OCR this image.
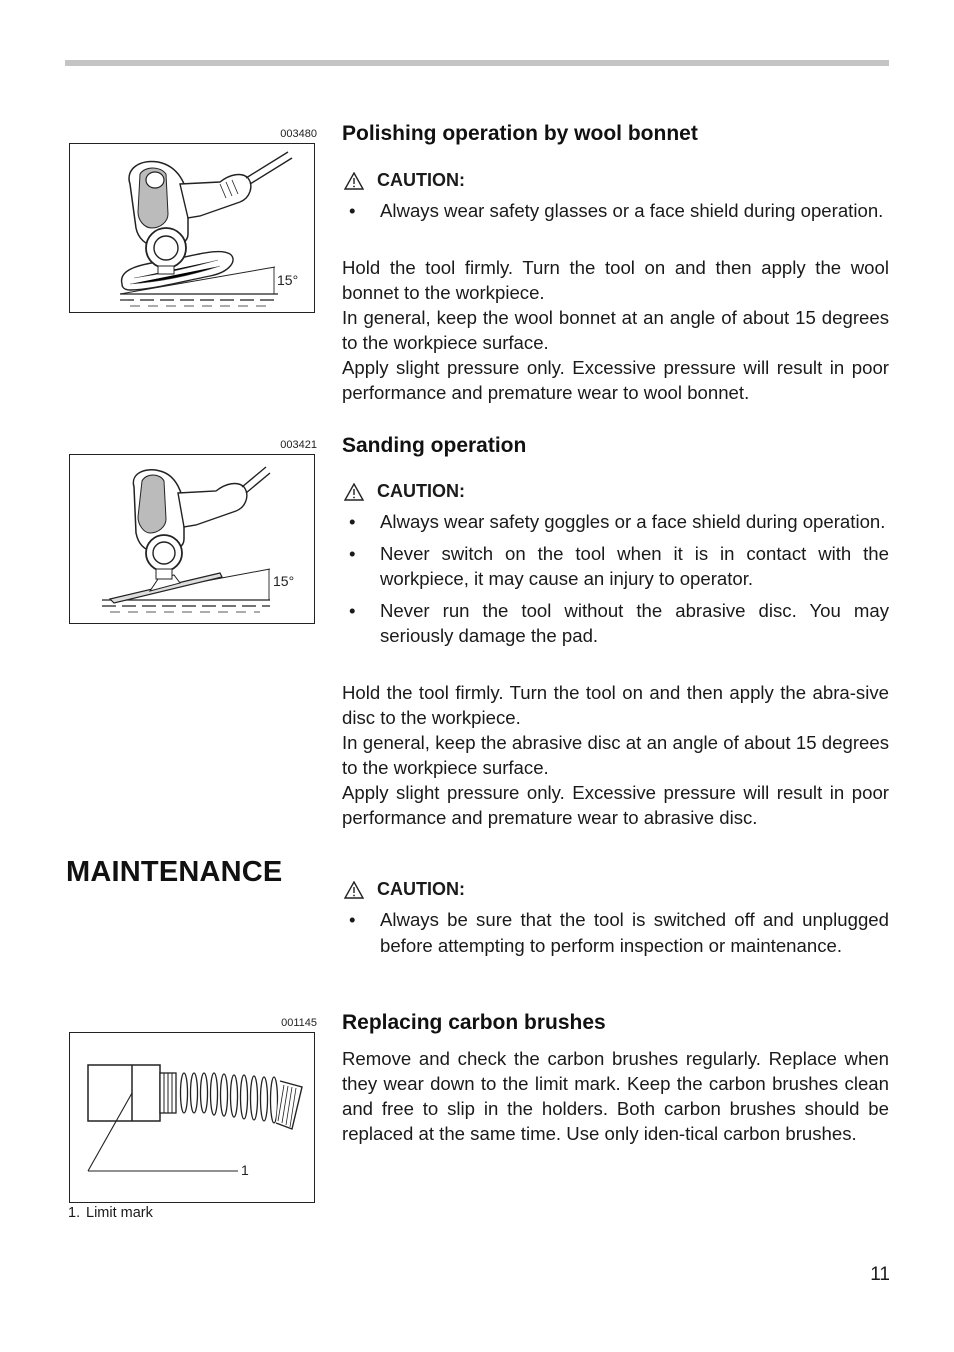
003480
15°
Polishing operation by wool bonnet
CAUTION:
• Always wear safety glasses or a face shield during operation.
Hold the tool firmly. Turn the tool on and then apply the wool bonnet to the workpiece.
In general, keep the wool bonnet at an angle of about 15 degrees to the workpiece surface.
Apply slight pressure only. Excessive pressure will result in poor performance and premature wear to wool bonnet.
003421
15°
Sanding operation
CAUTION:
• Always wear safety goggles or a face shield during operation.
• Never switch on the tool when it is in contact with the workpiece, it may cause an injury to operator.
• Never run the tool without the abrasive disc. You may seriously damage the pad.
Hold the tool firmly. Turn the tool on and then apply the abra-sive disc to the workpiece.
In general, keep the abrasive disc at an angle of about 15 degrees to the workpiece surface.
Apply slight pressure only. Excessive pressure will result in poor performance and premature wear to abrasive disc.
MAINTENANCE
CAUTION:
• Always be sure that the tool is switched off and unplugged before attempting to perform inspection or maintenance.
001145
1
1. Limit mark
Replacing carbon brushes
Remove and check the carbon brushes regularly. Replace when they wear down to the limit mark. Keep the carbon brushes clean and free to slip in the holders. Both carbon brushes should be replaced at the same time. Use only iden-tical carbon brushes.
11
